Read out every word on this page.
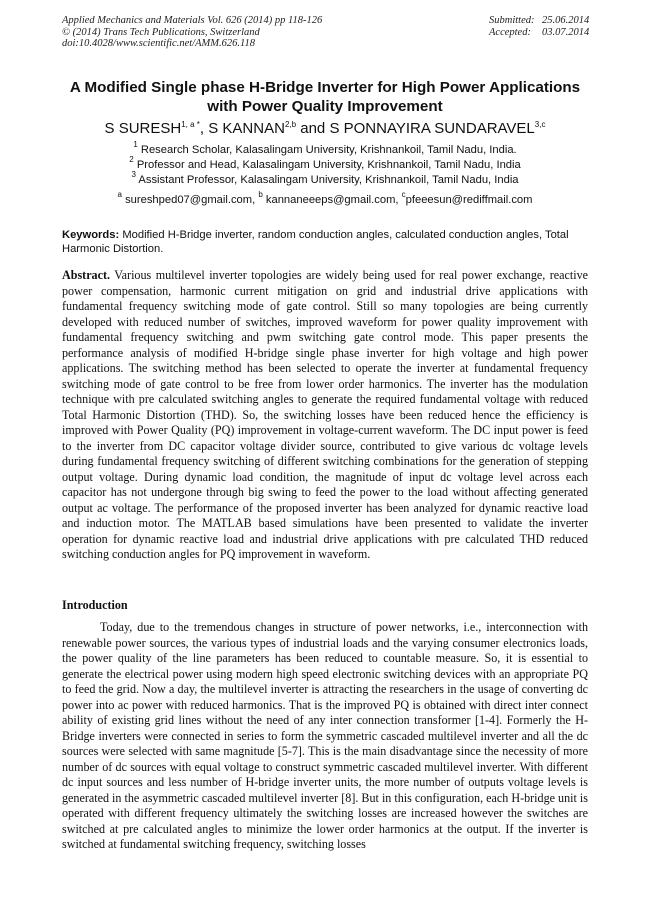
Applied Mechanics and Materials Vol. 626 (2014) pp 118-126
© (2014) Trans Tech Publications, Switzerland
doi:10.4028/www.scientific.net/AMM.626.118
Submitted: 25.06.2014
Accepted:	03.07.2014
A Modified Single phase H-Bridge Inverter for High Power Applications with Power Quality Improvement
S $SURESH^{1, a *}$, S KANNAN$^{2,b}$ and S PONNAYIRA SUNDARAVEL$^{3,c}$
$^1$ Research Scholar, Kalasalingam University, Krishnankoil, Tamil Nadu, India.
$^2$ Professor and Head, Kalasalingam University, Krishnankoil, Tamil Nadu, India
$^3$ Assistant Professor, Kalasalingam University, Krishnankoil, Tamil Nadu, India
$^a$ sureshped07@gmail.com, $^b$ kannaneeeps@gmail.com, $^c$pfeeesun@rediffmail.com
Keywords: Modified H-Bridge inverter, random conduction angles, calculated conduction angles, Total Harmonic Distortion.
Abstract. Various multilevel inverter topologies are widely being used for real power exchange, reactive power compensation, harmonic current mitigation on grid and industrial drive applications with fundamental frequency switching mode of gate control. Still so many topologies are being currently developed with reduced number of switches, improved waveform for power quality improvement with fundamental frequency switching and pwm switching gate control mode. This paper presents the performance analysis of modified H-bridge single phase inverter for high voltage and high power applications. The switching method has been selected to operate the inverter at fundamental frequency switching mode of gate control to be free from lower order harmonics. The inverter has the modulation technique with pre calculated switching angles to generate the required fundamental voltage with reduced Total Harmonic Distortion (THD). So, the switching losses have been reduced hence the efficiency is improved with Power Quality (PQ) improvement in voltage-current waveform. The DC input power is feed to the inverter from DC capacitor voltage divider source, contributed to give various dc voltage levels during fundamental frequency switching of different switching combinations for the generation of stepping output voltage. During dynamic load condition, the magnitude of input dc voltage level across each capacitor has not undergone through big swing to feed the power to the load without affecting generated output ac voltage. The performance of the proposed inverter has been analyzed for dynamic reactive load and induction motor. The MATLAB based simulations have been presented to validate the inverter operation for dynamic reactive load and industrial drive applications with pre calculated THD reduced switching conduction angles for PQ improvement in waveform.
Introduction
Today, due to the tremendous changes in structure of power networks, i.e., interconnection with renewable power sources, the various types of industrial loads and the varying consumer electronics loads, the power quality of the line parameters has been reduced to countable measure. So, it is essential to generate the electrical power using modern high speed electronic switching devices with an appropriate PQ to feed the grid. Now a day, the multilevel inverter is attracting the researchers in the usage of converting dc power into ac power with reduced harmonics. That is the improved PQ is obtained with direct inter connect ability of existing grid lines without the need of any inter connection transformer [1-4]. Formerly the H-Bridge inverters were connected in series to form the symmetric cascaded multilevel inverter and all the dc sources were selected with same magnitude [5-7]. This is the main disadvantage since the necessity of more number of dc sources with equal voltage to construct symmetric cascaded multilevel inverter. With different dc input sources and less number of H-bridge inverter units, the more number of outputs voltage levels is generated in the asymmetric cascaded multilevel inverter [8]. But in this configuration, each H-bridge unit is operated with different frequency ultimately the switching losses are increased however the switches are switched at pre calculated angles to minimize the lower order harmonics at the output. If the inverter is switched at fundamental switching frequency, switching losses
